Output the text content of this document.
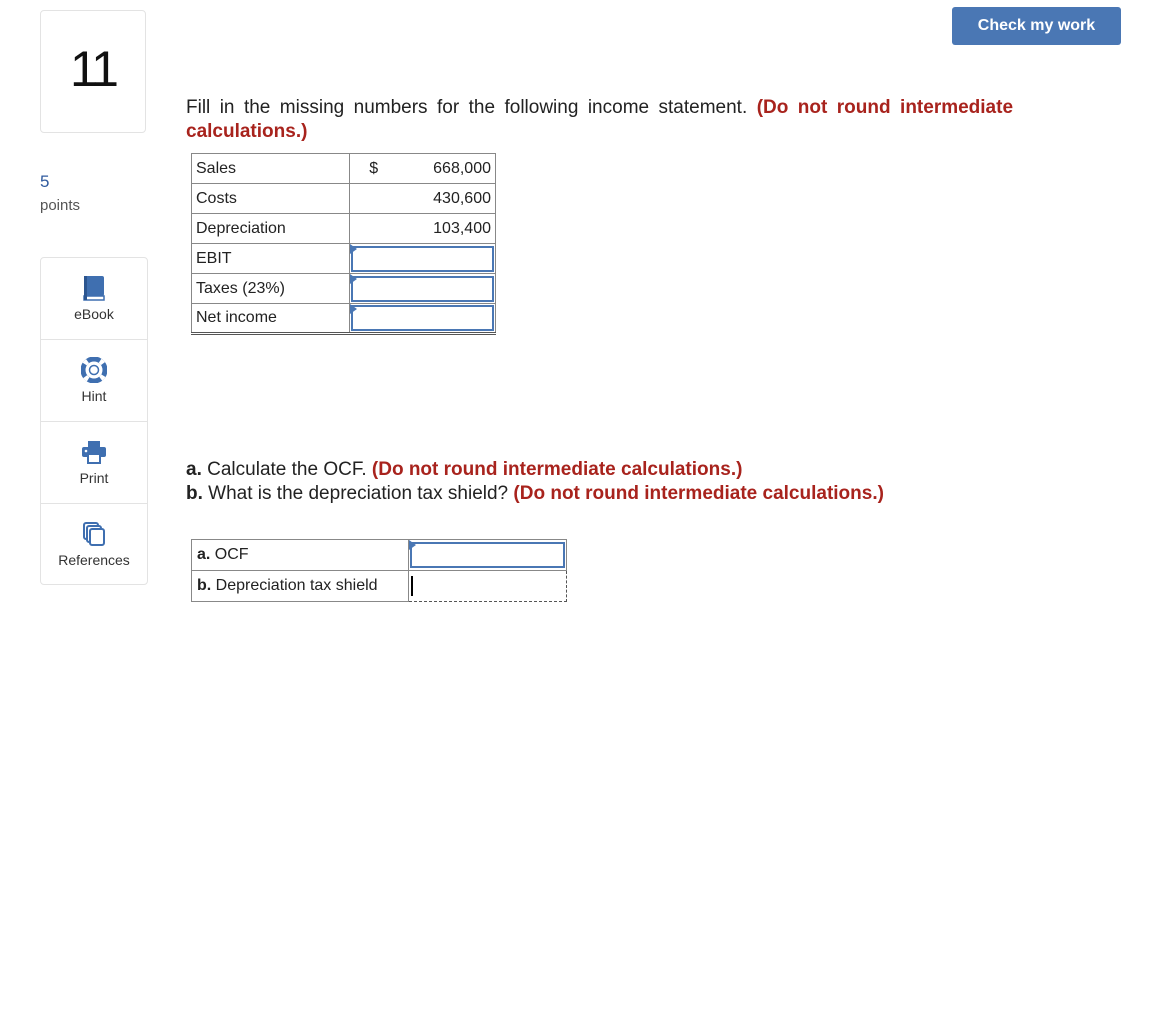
11
5
points
eBook
Hint
Print
References
Check my work
Fill in the missing numbers for the following income statement. (Do not round intermediate calculations.)
Sales	$	668,000
Costs		430,600
Depreciation		103,400
EBIT	

Taxes (23%)	

Net income	
a. Calculate the OCF. (Do not round intermediate calculations.)
b. What is the depreciation tax shield? (Do not round intermediate calculations.)
a. OCF	

b. Depreciation tax shield	
